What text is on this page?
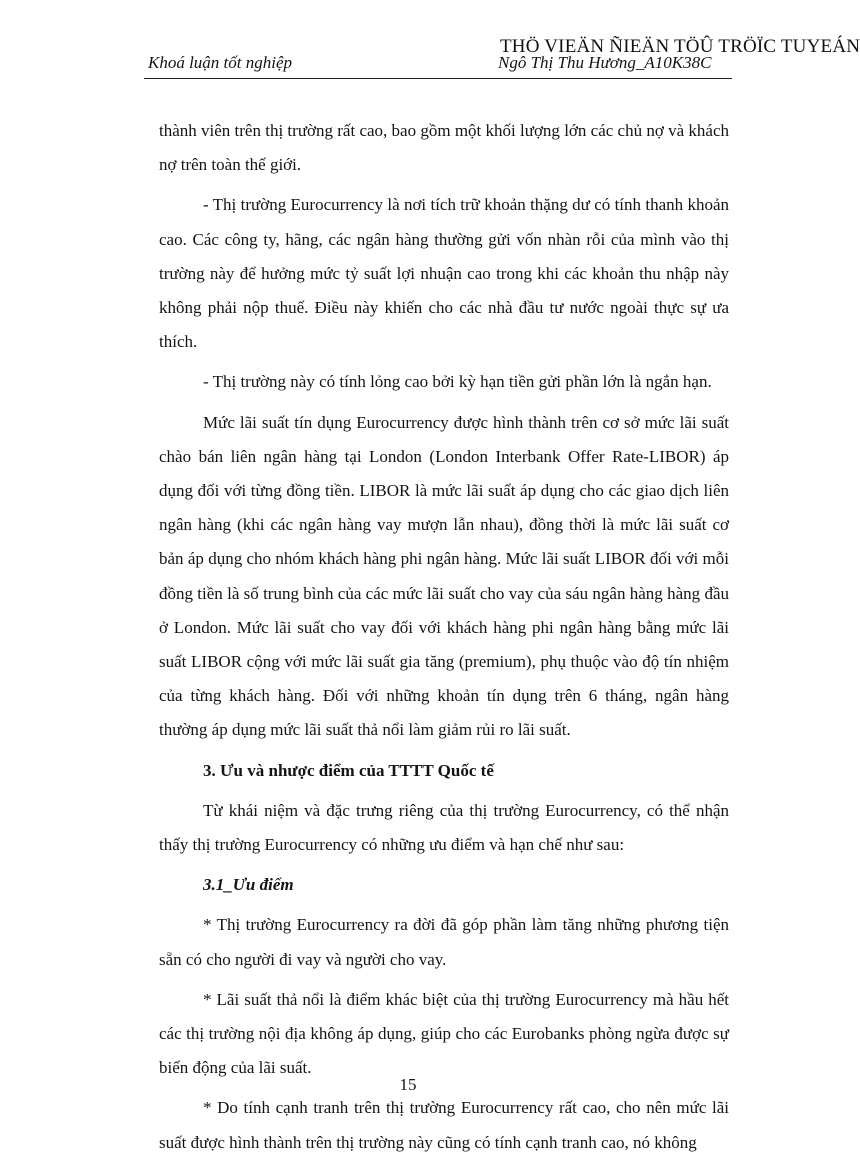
THÖ VIEÄN ÑIEÄN TÖÛ TRÖÏC TUYEÁN
Khoá luận tốt nghiệp	Ngô Thị Thu Hương_A10K38C

thành viên trên thị trường rất cao, bao gồm một khối lượng lớn các chủ nợ và khách nợ trên toàn thế giới.

- Thị trường Eurocurrency là nơi tích trữ khoản thặng dư có tính thanh khoản cao. Các công ty, hãng, các ngân hàng thường gửi vốn nhàn rỗi của mình vào thị trường này để hưởng mức tỷ suất lợi nhuận cao trong khi các khoản thu nhập này không phải nộp thuế. Điều này khiến cho các nhà đầu tư nước ngoài thực sự ưa thích.

- Thị trường này có tính lỏng cao bởi kỳ hạn tiền gửi phần lớn là ngắn hạn.

Mức lãi suất tín dụng Eurocurrency được hình thành trên cơ sở mức lãi suất chào bán liên ngân hàng tại London (London Interbank Offer Rate-LIBOR) áp dụng đối với từng đồng tiền. LIBOR là mức lãi suất áp dụng cho các giao dịch liên ngân hàng (khi các ngân hàng vay mượn lẫn nhau), đồng thời là mức lãi suất cơ bản áp dụng cho nhóm khách hàng phi ngân hàng. Mức lãi suất LIBOR đối với mỗi đồng tiền là số trung bình của các mức lãi suất cho vay của sáu ngân hàng hàng đầu ở London. Mức lãi suất cho vay đối với khách hàng phi ngân hàng bằng mức lãi suất LIBOR cộng với mức lãi suất gia tăng (premium), phụ thuộc vào độ tín nhiệm của từng khách hàng. Đối với những khoản tín dụng trên 6 tháng, ngân hàng thường áp dụng mức lãi suất thả nổi làm giảm rủi ro lãi suất.

3. Ưu và nhược điểm của TTTT Quốc tế

Từ khái niệm và đặc trưng riêng của thị trường Eurocurrency, có thể nhận thấy thị trường Eurocurrency có những ưu điểm và hạn chế như sau:

3.1_Ưu điểm

* Thị trường Eurocurrency ra đời đã góp phần làm tăng những phương tiện sẵn có cho người đi vay và người cho vay.

* Lãi suất thả nổi là điểm khác biệt của thị trường Eurocurrency mà hầu hết các thị trường nội địa không áp dụng, giúp cho các Eurobanks phòng ngừa được sự biến động của lãi suất.

* Do tính cạnh tranh trên thị trường Eurocurrency rất cao, cho nên mức lãi suất được hình thành trên thị trường này cũng có tính cạnh tranh cao, nó không

15
